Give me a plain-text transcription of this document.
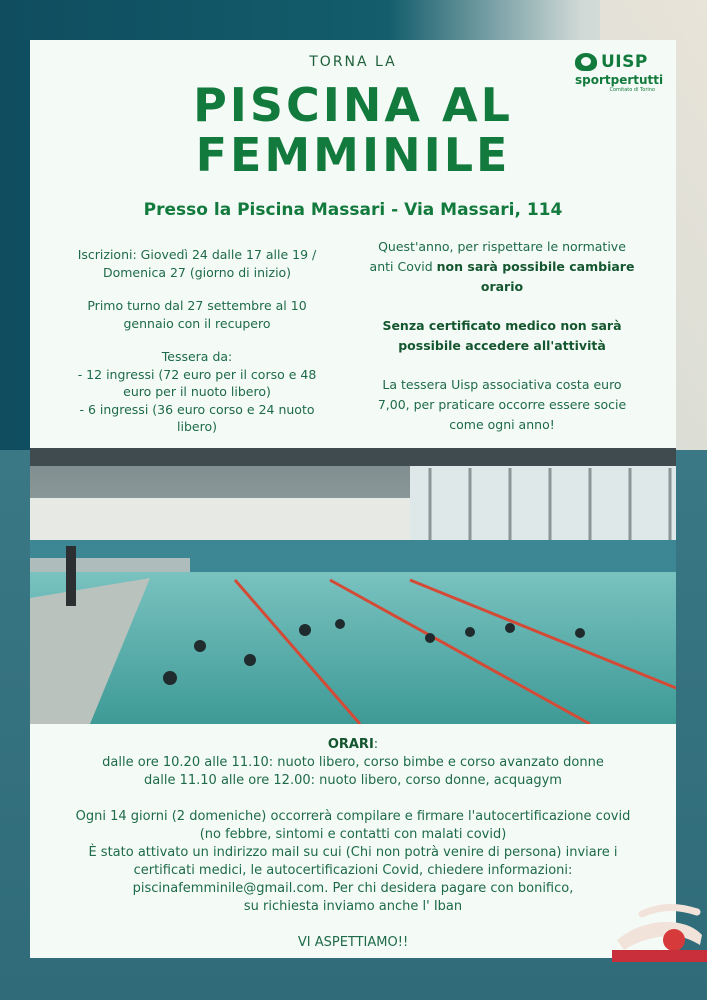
TORNA LA
PISCINA AL
FEMMINILE
Presso la Piscina Massari - Via Massari, 114
UISP
sportpertutti
Comitato di Torino

Iscrizioni: Giovedì 24 dalle 17 alle 19 / Domenica 27 (giorno di inizio)

Primo turno dal 27 settembre al 10 gennaio con il recupero

Tessera da:

- 12 ingressi (72 euro per il corso e 48 euro per il nuoto libero)

- 6 ingressi (36 euro corso e 24 nuoto libero)

Quest'anno, per rispettare le normative anti Covid non sarà possibile cambiare orario

Senza certificato medico non sarà possibile accedere all'attività

La tessera Uisp associativa costa euro 7,00, per praticare occorre essere socie come ogni anno!

ORARI:

dalle ore 10.20 alle 11.10: nuoto libero, corso bimbe e corso avanzato donne

dalle 11.10 alle ore 12.00: nuoto libero, corso donne, acquagym

Ogni 14 giorni (2 domeniche) occorrerà compilare e firmare l'autocertificazione covid

(no febbre, sintomi e contatti con malati covid)

È stato attivato un indirizzo mail su cui (Chi non potrà venire di persona) inviare i

certificati medici, le autocertificazioni Covid, chiedere informazioni:

piscinafemminile@gmail.com. Per chi desidera pagare con bonifico,

su richiesta inviamo anche l' Iban

VI ASPETTIAMO!!
